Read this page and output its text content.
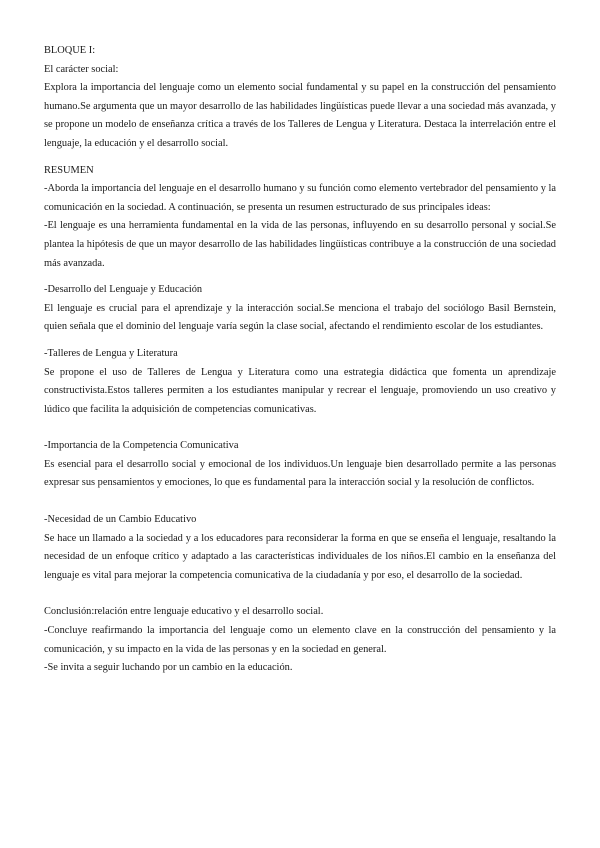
BLOQUE I:

El carácter social:

Explora la importancia del lenguaje como un elemento social fundamental y su papel en la construcción del pensamiento humano.Se argumenta que un mayor desarrollo de las habilidades lingüísticas puede llevar a una sociedad más avanzada, y se propone un modelo de enseñanza crítica a través de los Talleres de Lengua y Literatura. Destaca la interrelación entre el lenguaje, la educación y el desarrollo social.

RESUMEN

-Aborda la importancia del lenguaje en el desarrollo humano y su función como elemento vertebrador del pensamiento y la comunicación en la sociedad. A continuación, se presenta un resumen estructurado de sus principales ideas:

-El lenguaje es una herramienta fundamental en la vida de las personas, influyendo en su desarrollo personal y social.Se plantea la hipótesis de que un mayor desarrollo de las habilidades lingüísticas contribuye a la construcción de una sociedad más avanzada.

-Desarrollo del Lenguaje y Educación

El lenguaje es crucial para el aprendizaje y la interacción social.Se menciona el trabajo del sociólogo Basil Bernstein, quien señala que el dominio del lenguaje varía según la clase social, afectando el rendimiento escolar de los estudiantes.

-Talleres de Lengua y Literatura

Se propone el uso de Talleres de Lengua y Literatura como una estrategia didáctica que fomenta un aprendizaje constructivista.Estos talleres permiten a los estudiantes manipular y recrear el lenguaje, promoviendo un uso creativo y lúdico que facilita la adquisición de competencias comunicativas.

-Importancia de la Competencia Comunicativa

Es esencial para el desarrollo social y emocional de los individuos.Un lenguaje bien desarrollado permite a las personas expresar sus pensamientos y emociones, lo que es fundamental para la interacción social y la resolución de conflictos.

-Necesidad de un Cambio Educativo

Se hace un llamado a la sociedad y a los educadores para reconsiderar la forma en que se enseña el lenguaje, resaltando la necesidad de un enfoque crítico y adaptado a las características individuales de los niños.El cambio en la enseñanza del lenguaje es vital para mejorar la competencia comunicativa de la ciudadanía y por eso, el desarrollo de la sociedad.

Conclusión:relación entre lenguaje educativo y el desarrollo social.

-Concluye reafirmando la importancia del lenguaje como un elemento clave en la construcción del pensamiento y la comunicación, y su impacto en la vida de las personas y en la sociedad en general.

-Se invita a seguir luchando por un cambio en la educación.
